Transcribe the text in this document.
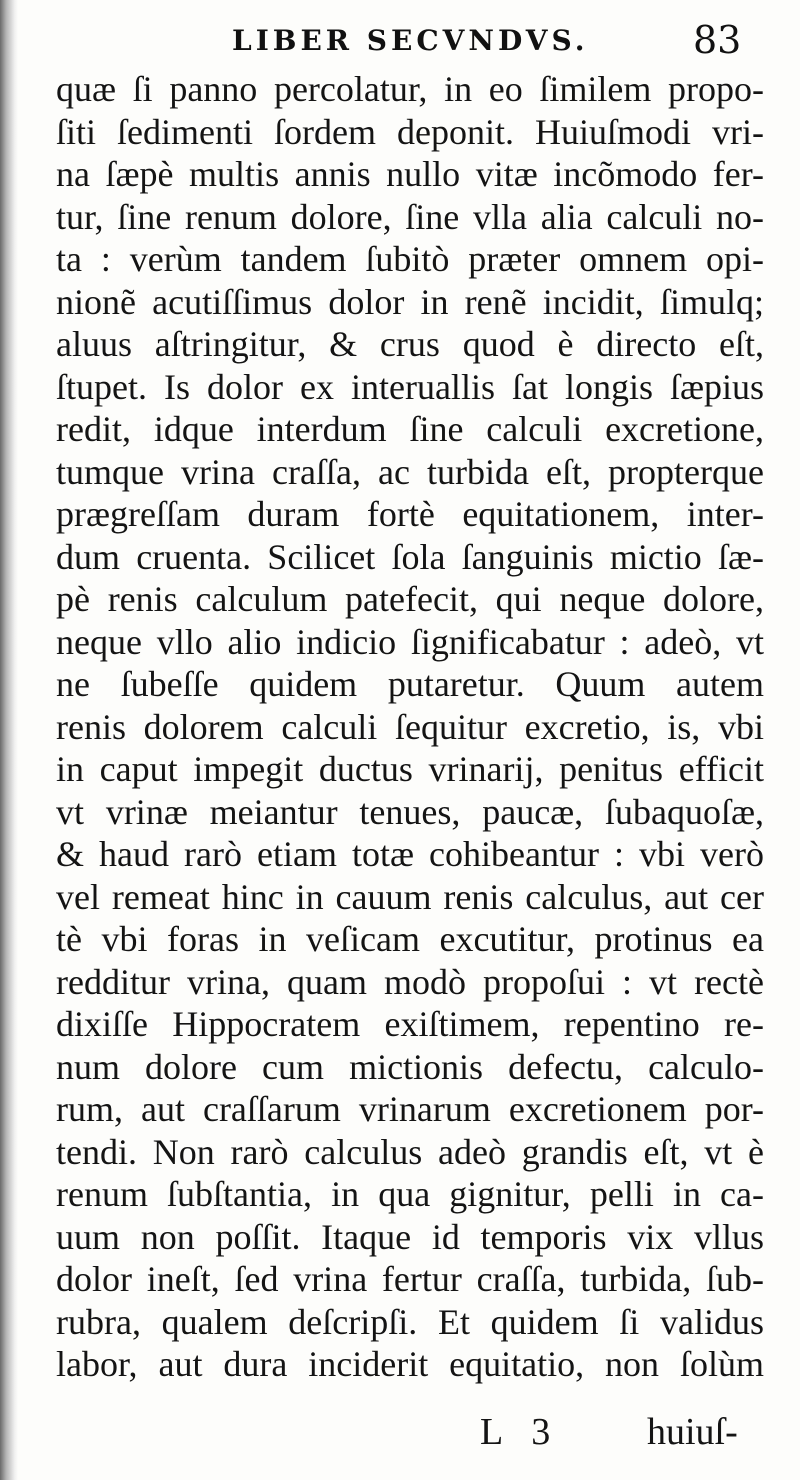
LIBER SECVNDVS.	83
quæ ſi panno percolatur, in eo ſimilem propo-
ſiti ſedimenti ſordem deponit. Huiuſmodi vri-
na ſæpè multis annis nullo vitæ incõmodo fer-
tur, ſine renum dolore, ſine vlla alia calculi no-
ta : verùm tandem ſubitò præter omnem opi-
nionẽ acutiſſimus dolor in renẽ incidit, ſimulq;
aluus aſtringitur, & crus quod è directo eſt,
ſtupet. Is dolor ex interuallis ſat longis ſæpius
redit, idque interdum ſine calculi excretione,
tumque vrina craſſa, ac turbida eſt, propterque
prægreſſam duram fortè equitationem, inter-
dum cruenta. Scilicet ſola ſanguinis mictio ſæ-
pè renis calculum patefecit, qui neque dolore,
neque vllo alio indicio ſignificabatur : adeò, vt
ne ſubeſſe quidem putaretur. Quum autem
renis dolorem calculi ſequitur excretio, is, vbi
in caput impegit ductus vrinarij, penitus efficit
vt vrinæ meiantur tenues, paucæ, ſubaquoſæ,
& haud rarò etiam totæ cohibeantur : vbi verò
vel remeat hinc in cauum renis calculus, aut cer
tè vbi foras in veſicam excutitur, protinus ea
redditur vrina, quam modò propoſui : vt rectè
dixiſſe Hippocratem exiſtimem, repentino re-
num dolore cum mictionis defectu, calculo-
rum, aut craſſarum vrinarum excretionem por-
tendi. Non rarò calculus adeò grandis eſt, vt è
renum ſubſtantia, in qua gignitur, pelli in ca-
uum non poſſit. Itaque id temporis vix vllus
dolor ineſt, ſed vrina fertur craſſa, turbida, ſub-
rubra, qualem deſcripſi. Et quidem ſi validus
labor, aut dura inciderit equitatio, non ſolùm
L 3 huiuſ-
